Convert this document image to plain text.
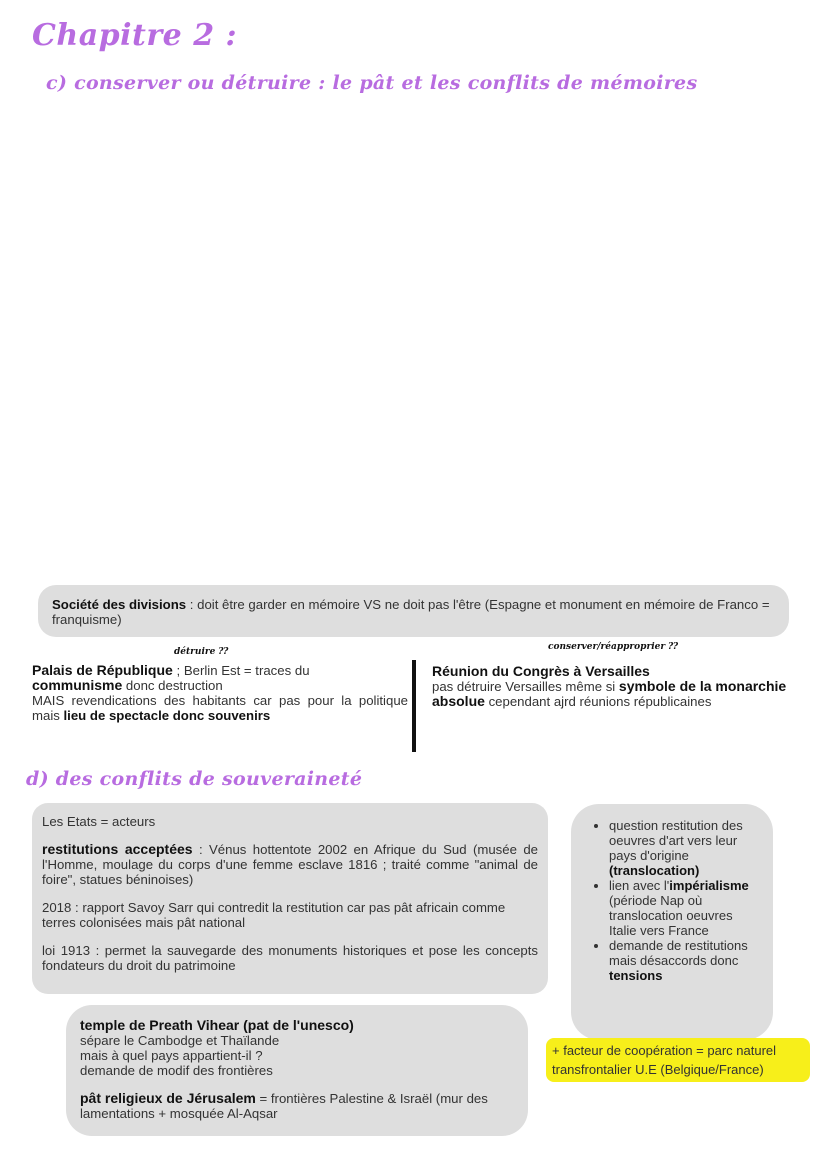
Chapitre 2 :
c) conserver ou détruire : le pât et les conflits de mémoires
Société des divisions : doit être garder en mémoire VS ne doit pas l'être (Espagne et monument en mémoire de Franco = franquisme)
détruire ⁇
Palais de République ; Berlin Est = traces du
communisme donc destruction
MAIS revendications des habitants car pas pour la politique mais lieu de spectacle donc souvenirs
conserver/réapproprier ⁇
Réunion du Congrès à Versailles
pas détruire Versailles même si symbole de la monarchie absolue cependant ajrd réunions républicaines
d) des conflits de souveraineté

Les Etats = acteurs

restitutions acceptées : Vénus hottentote 2002 en Afrique du Sud (musée de l'Homme, moulage du corps d'une femme esclave 1816 ; traité comme "animal de foire", statues béninoises)

2018 : rapport Savoy Sarr qui contredit la restitution car pas pât africain comme terres colonisées mais pât national

loi 1913 : permet la sauvegarde des monuments historiques et pose les concepts fondateurs du droit du patrimoine

• question restitution des oeuvres d'art vers leur pays d'origine (translocation)
• lien avec l'impérialisme (période Nap où translocation oeuvres Italie vers France
• demande de restitutions mais désaccords donc tensions

temple de Preath Vihear (pat de l'unesco)

sépare le Cambodge et Thaïlande

mais à quel pays appartient-il ?

demande de modif des frontières

pât religieux de Jérusalem = frontières Palestine & Israël (mur des lamentations + mosquée Al-Aqsar

+ facteur de coopération = parc naturel transfrontalier U.E (Belgique/France)
